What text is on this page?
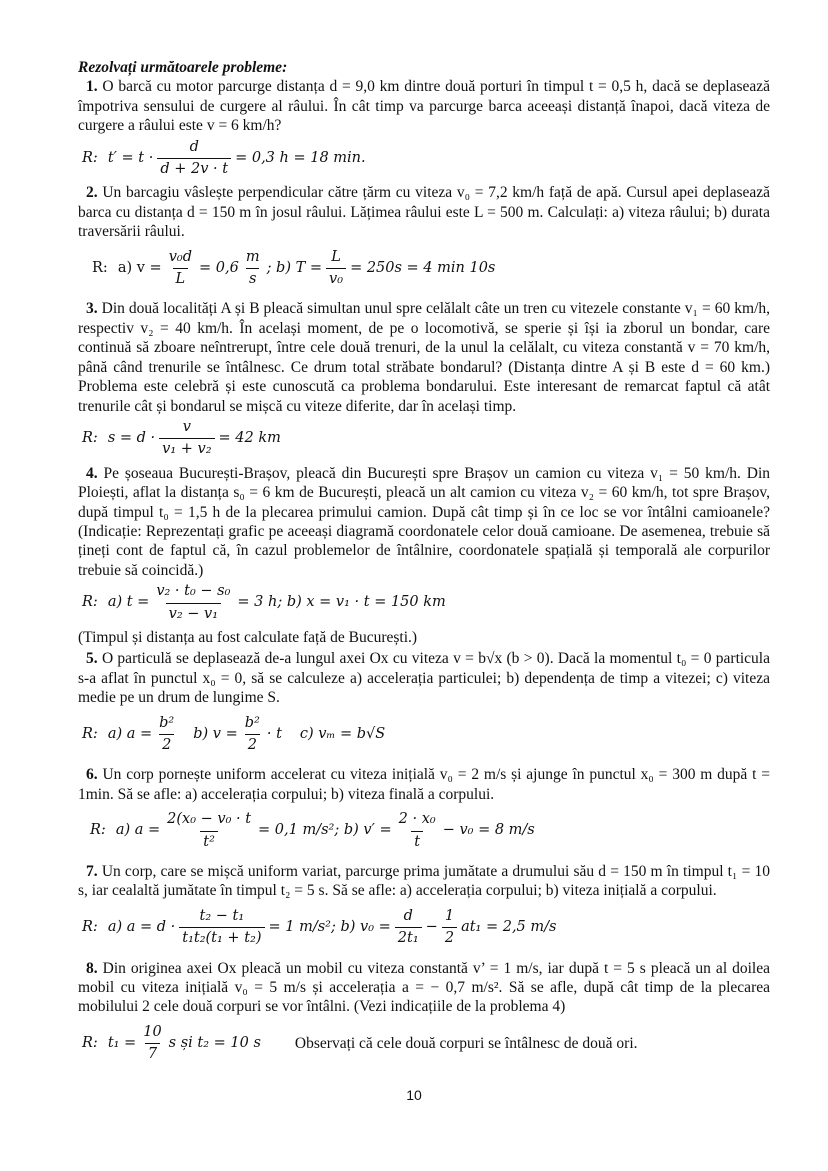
Rezolvați următoarele probleme:

1. O barcă cu motor parcurge distanța d = 9,0 km dintre două porturi în timpul t = 0,5 h, dacă se deplasează împotriva sensului de curgere al râului. În cât timp va parcurge barca aceeași distanță înapoi, dacă viteza de curgere a râului este v = 6 km/h?

R: $t' = t \cdot \frac{d}{d + 2v \cdot t} = 0,3$ h = 18 min.

2. Un barcagiu vâslește perpendicular către țărm cu viteza v₀ = 7,2 km/h față de apă. Cursul apei deplasează barca cu distanța d = 150 m în josul râului. Lățimea râului este L = 500 m. Calculați: a) viteza râului; b) durata traversării râului.

R: a) $v = \frac{\text{v₀d}}{L} = 0,6 \frac{m}{s}$ ; b) $T = \frac{L}{\text{v₀}} = 250s = 4$ min 10s

3. Din două localități A și B pleacă simultan unul spre celălalt câte un tren cu vitezele constante v₁ = 60 km/h, respectiv v₂ = 40 km/h. În același moment, de pe o locomotivă, se sperie și își ia zborul un bondar, care continuă să zboare neîntrerupt, între cele două trenuri, de la unul la celălalt, cu viteza constantă v = 70 km/h, până când trenurile se întâlnesc. Ce drum total străbate bondarul? (Distanța dintre A și B este d = 60 km.) Problema este celebră și este cunoscută ca problema bondarului. Este interesant de remarcat faptul că atât trenurile cât și bondarul se mișcă cu viteze diferite, dar în același timp.

R: $s = d \cdot \frac{v}{\text{v₁ + v₂}} = 42$ km

4. Pe șoseaua București-Brașov, pleacă din București spre Brașov un camion cu viteza v₁ = 50 km/h. Din Ploiești, aflat la distanța s₀ = 6 km de București, pleacă un alt camion cu viteza v₂ = 60 km/h, tot spre Brașov, după timpul t₀ = 1,5 h de la plecarea primului camion. După cât timp și în ce loc se vor întâlni camioanele? (Indicație: Reprezentați grafic pe aceeași diagramă coordonatele celor două camioane. De asemenea, trebuie să țineți cont de faptul că, în cazul problemelor de întâlnire, coordonatele spațială și temporală ale corpurilor trebuie să coincidă.)

R: a) $t = \frac{\text{v₂ · t₀ − s₀}}{\text{v₂ − v₁}} = 3$ h; b) x = v₁ · t = 150 km

(Timpul și distanța au fost calculate față de București.)

5. O particulă se deplasează de-a lungul axei Ox cu viteza v = b√x (b > 0). Dacă la momentul t₀ = 0 particula s-a aflat în punctul x₀ = 0, să se calculeze a) accelerația particulei; b) dependența de timp a vitezei; c) viteza medie pe un drum de lungime S.

R: a) $a = \frac{\text{b²}}{2} b$) $v = \frac{\text{b²}}{2} \cdot t$ c) vₘ = b√S

6. Un corp pornește uniform accelerat cu viteza inițială v₀ = 2 m/s și ajunge în punctul x₀ = 300 m după t = 1min. Să se afle: a) accelerația corpului; b) viteza finală a corpului.

R: a) $a = \frac{\text{2(x₀ − v₀ · t}}{\text{t²}} = 0,1$ m/s²; b) $v' = \frac{\text{2 · x₀}}{t} - v_0 = 8$ m/s

7. Un corp, care se mișcă uniform variat, parcurge prima jumătate a drumului său d = 150 m în timpul t₁ = 10 s, iar cealaltă jumătate în timpul t₂ = 5 s. Să se afle: a) accelerația corpului; b) viteza inițială a corpului.

R: a) $a = d \cdot \frac{\text{t₂ − t₁}}{\text{t₁t₂(t₁ + t₂)}} = 1$ m/s²; b) $v_0 = \frac{d}{\text{2t₁}} - \frac{1}{2} at_1 = 2,5$ m/s

8. Din originea axei Ox pleacă un mobil cu viteza constantă v’ = 1 m/s, iar după t = 5 s pleacă un al doilea mobil cu viteza inițială v₀ = 5 m/s și accelerația a = − 0,7 m/s². Să se afle, după cât timp de la plecarea mobilului 2 cele două corpuri se vor întâlni. (Vezi indicațiile de la problema 4)

R: $t_1 = \frac{10}{7}$ s și t₂ = 10 s Observați că cele două corpuri se întâlnesc de două ori.
10
